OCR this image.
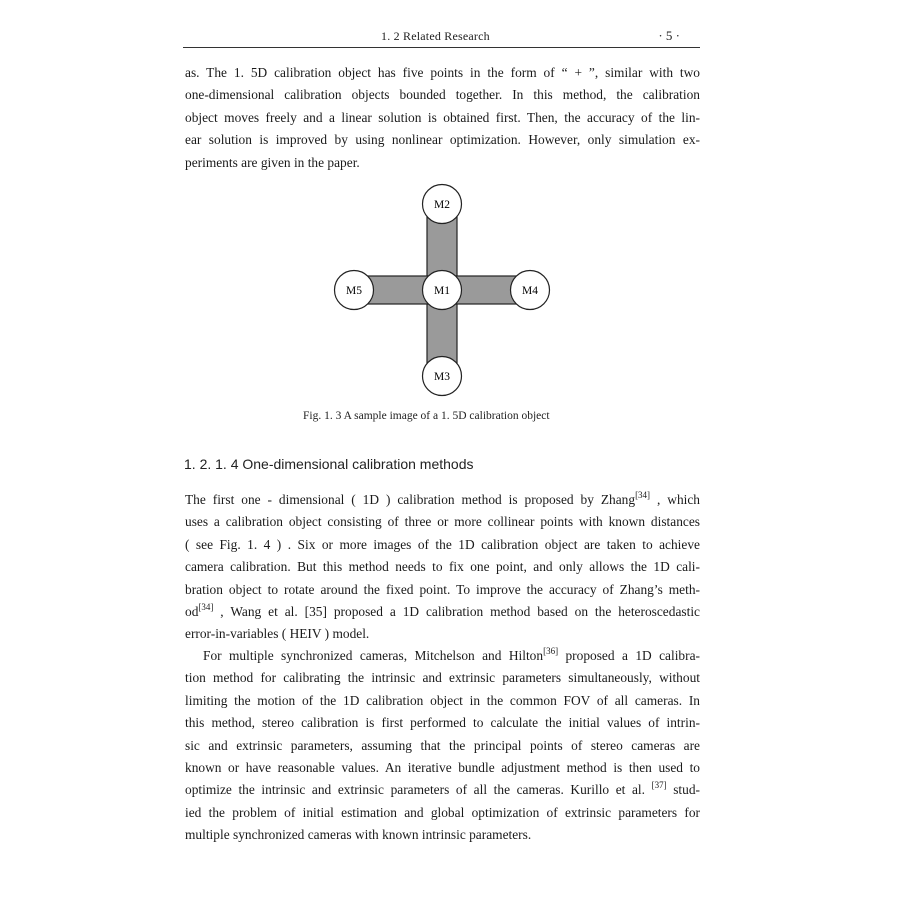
1. 2 Related Research	· 5 ·
as. The 1. 5D calibration object has five points in the form of “ + ”, similar with two
one-dimensional calibration objects bounded together. In this method, the calibration
object moves freely and a linear solution is obtained first. Then, the accuracy of the lin-
ear solution is improved by using nonlinear optimization. However, only simulation ex-
periments are given in the paper.
M2
M5	M1	M4
M3
Fig. 1. 3 A sample image of a 1. 5D calibration object
1. 2. 1. 4 One-dimensional calibration methods
The first one - dimensional ( 1D ) calibration method is proposed by Zhang[34] , which
uses a calibration object consisting of three or more collinear points with known distances
( see Fig. 1. 4 ) . Six or more images of the 1D calibration object are taken to achieve
camera calibration. But this method needs to fix one point, and only allows the 1D cali-
bration object to rotate around the fixed point. To improve the accuracy of Zhang’s meth-
od[34] , Wang et al. [35] proposed a 1D calibration method based on the heteroscedastic
error-in-variables ( HEIV ) model.
For multiple synchronized cameras, Mitchelson and Hilton[36] proposed a 1D calibra-
tion method for calibrating the intrinsic and extrinsic parameters simultaneously, without
limiting the motion of the 1D calibration object in the common FOV of all cameras. In
this method, stereo calibration is first performed to calculate the initial values of intrin-
sic and extrinsic parameters, assuming that the principal points of stereo cameras are
known or have reasonable values. An iterative bundle adjustment method is then used to
optimize the intrinsic and extrinsic parameters of all the cameras. Kurillo et al. [37] stud-
ied the problem of initial estimation and global optimization of extrinsic parameters for
multiple synchronized cameras with known intrinsic parameters.
